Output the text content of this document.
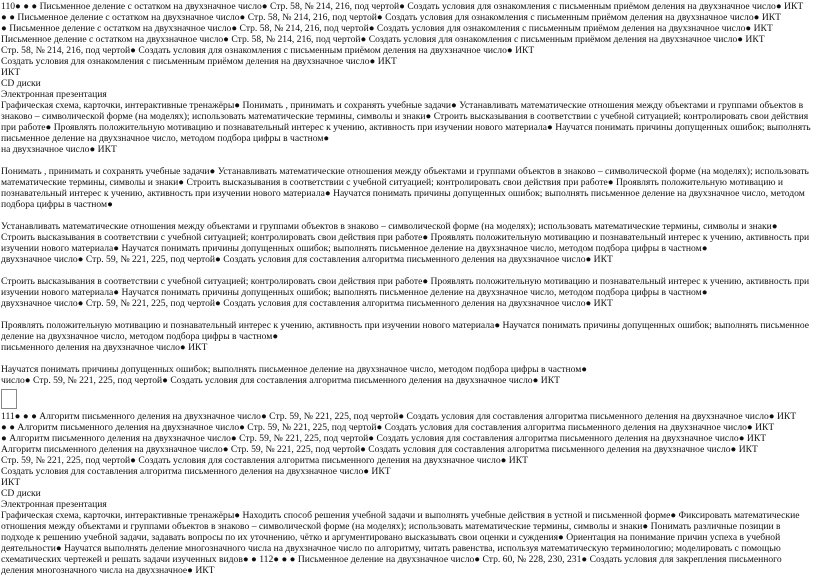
110● ● ● Письменное деление с остатком на двухзначное число● Стр. 58, № 214, 216, под чертой● Создать условия для ознакомления с письменным приёмом деления на двухзначное число● ИКТ
● ● Письменное деление с остатком на двухзначное число● Стр. 58, № 214, 216, под чертой● Создать условия для ознакомления с письменным приёмом деления на двухзначное число● ИКТ
● Письменное деление с остатком на двухзначное число● Стр. 58, № 214, 216, под чертой● Создать условия для ознакомления с письменным приёмом деления на двухзначное число● ИКТ
Письменное деление с остатком на двухзначное число● Стр. 58, № 214, 216, под чертой● Создать условия для ознакомления с письменным приёмом деления на двухзначное число● ИКТ
Стр. 58, № 214, 216, под чертой● Создать условия для ознакомления с письменным приёмом деления на двухзначное число● ИКТ
Создать условия для ознакомления с письменным приёмом деления на двухзначное число● ИКТ
ИКТ
CD диски
Электронная презентация
Графическая схема, карточки, интерактивные тренажёры● Понимать , принимать и сохранять учебные задачи● Устанавливать математические отношения между объектами и группами объектов в знаково – символической форме (на моделях); использовать математические термины, символы и знаки● Строить высказывания в соответствии с учебной ситуацией; контролировать свои действия при работе● Проявлять положительную мотивацию и познавательный интерес к учению, активность при изучении нового материала● Научатся понимать причины допущенных ошибок; выполнять письменное деление на двухзначное число, методом подбора цифры в частном●
на двухзначное число● ИКТ
Понимать , принимать и сохранять учебные задачи● Устанавливать математические отношения между объектами и группами объектов в знаково – символической форме (на моделях); использовать математические термины, символы и знаки● Строить высказывания в соответствии с учебной ситуацией; контролировать свои действия при работе● Проявлять положительную мотивацию и познавательный интерес к учению, активность при изучении нового материала● Научатся понимать причины допущенных ошибок; выполнять письменное деление на двухзначное число, методом подбора цифры в частном●
Устанавливать математические отношения между объектами и группами объектов в знаково – символической форме (на моделях); использовать математические термины, символы и знаки● Строить высказывания в соответствии с учебной ситуацией; контролировать свои действия при работе● Проявлять положительную мотивацию и познавательный интерес к учению, активность при изучении нового материала● Научатся понимать причины допущенных ошибок; выполнять письменное деление на двухзначное число, методом подбора цифры в частном●
двухзначное число● Стр. 59, № 221, 225, под чертой● Создать условия для составления алгоритма письменного деления на двухзначное число● ИКТ
Строить высказывания в соответствии с учебной ситуацией; контролировать свои действия при работе● Проявлять положительную мотивацию и познавательный интерес к учению, активность при изучении нового материала● Научатся понимать причины допущенных ошибок; выполнять письменное деление на двухзначное число, методом подбора цифры в частном●
двухзначное число● Стр. 59, № 221, 225, под чертой● Создать условия для составления алгоритма письменного деления на двухзначное число● ИКТ
Проявлять положительную мотивацию и познавательный интерес к учению, активность при изучении нового материала● Научатся понимать причины допущенных ошибок; выполнять письменное деление на двухзначное число, методом подбора цифры в частном●
письменного деления на двухзначное число● ИКТ
Научатся понимать причины допущенных ошибок; выполнять письменное деление на двухзначное число, методом подбора цифры в частном●
число● Стр. 59, № 221, 225, под чертой● Создать условия для составления алгоритма письменного деления на двухзначное число● ИКТ
111● ● ● Алгоритм письменного деления на двухзначное число● Стр. 59, № 221, 225, под чертой● Создать условия для составления алгоритма письменного деления на двухзначное число● ИКТ
● ● Алгоритм письменного деления на двухзначное число● Стр. 59, № 221, 225, под чертой● Создать условия для составления алгоритма письменного деления на двухзначное число● ИКТ
● Алгоритм письменного деления на двухзначное число● Стр. 59, № 221, 225, под чертой● Создать условия для составления алгоритма письменного деления на двухзначное число● ИКТ
Алгоритм письменного деления на двухзначное число● Стр. 59, № 221, 225, под чертой● Создать условия для составления алгоритма письменного деления на двухзначное число● ИКТ
Стр. 59, № 221, 225, под чертой● Создать условия для составления алгоритма письменного деления на двухзначное число● ИКТ
Создать условия для составления алгоритма письменного деления на двухзначное число● ИКТ
ИКТ
CD диски
Электронная презентация
Графическая схема, карточки, интерактивные тренажёры● Находить способ решения учебной задачи и выполнять учебные действия в устной и письменной форме● Фиксировать математические отношения между объектами и группами объектов в знаково – символической форме (на моделях); использовать математические термины, символы и знаки● Понимать различные позиции в подходе к решению учебной задачи, задавать вопросы по их уточнению, чётко и аргументировано высказывать свои оценки и суждения● Ориентация на понимание причин успеха в учебной деятельности● Научатся выполнять деление многозначного числа на двухзначное число по алгоритму, читать равенства, используя математическую терминологию; моделировать с помощью схематических чертежей и решать задачи изученных видов● ● 112● ● ● Письменное деление на двухзначное число● Стр. 60, № 228, 230, 231● Создать условия для закрепления письменного деления многозначного числа на двухзначное● ИКТ
